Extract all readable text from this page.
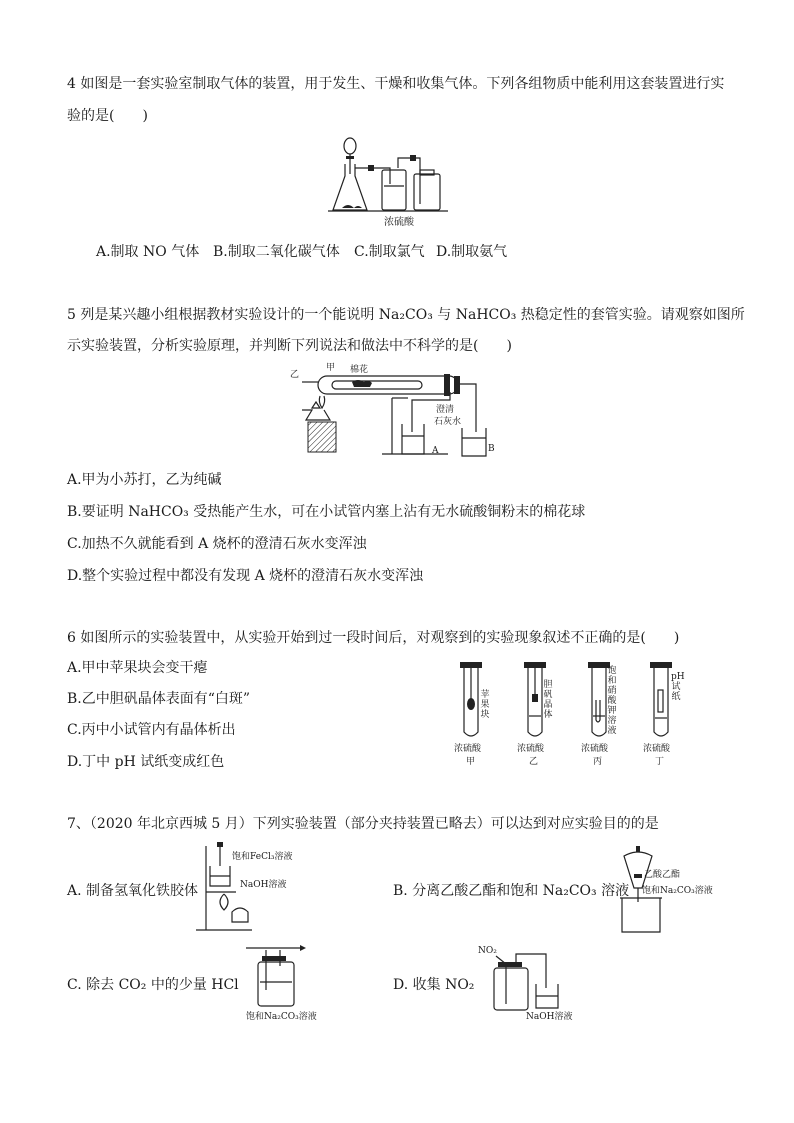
4 如图是一套实验室制取气体的装置，用于发生、干燥和收集气体。下列各组物质中能利用这套装置进行实
验的是(　　)
浓硫酸
A.制取 NO 气体 B.制取二氧化碳气体 C.制取氯气 D.制取氨气
5 列是某兴趣小组根据教材实验设计的一个能说明 Na₂CO₃ 与 NaHCO₃ 热稳定性的套管实验。请观察如图所
示实验装置，分析实验原理，并判断下列说法和做法中不科学的是(　　)
乙
甲 棉花
澄清
石灰水
A	B
A.甲为小苏打，乙为纯碱
B.要证明 NaHCO₃ 受热能产生水，可在小试管内塞上沾有无水硫酸铜粉末的棉花球
C.加热不久就能看到 A 烧杯的澄清石灰水变浑浊
D.整个实验过程中都没有发现 A 烧杯的澄清石灰水变浑浊
6 如图所示的实验装置中，从实验开始到过一段时间后，对观察到的实验现象叙述不正确的是(　　)
A.甲中苹果块会变干瘪
B.乙中胆矾晶体表面有“白斑”
C.丙中小试管内有晶体析出
D.丁中 pH 试纸变成红色
苹果块
胆矾晶体
饱和硝酸钾溶液
pH试纸
浓硫酸	浓硫酸	浓硫酸	浓硫酸
甲	乙	丙	丁
7、（2020 年北京西城 5 月）下列实验装置（部分夹持装置已略去）可以达到对应实验目的的是
饱和FeCl₃溶液
NaOH溶液
A. 制备氢氧化铁胶体
乙酸乙酯
饱和Na₂CO₃溶液
B. 分离乙酸乙酯和饱和 Na₂CO₃ 溶液
饱和Na₂CO₃溶液
C. 除去 CO₂ 中的少量 HCl
NO₂
NaOH溶液
D. 收集 NO₂
